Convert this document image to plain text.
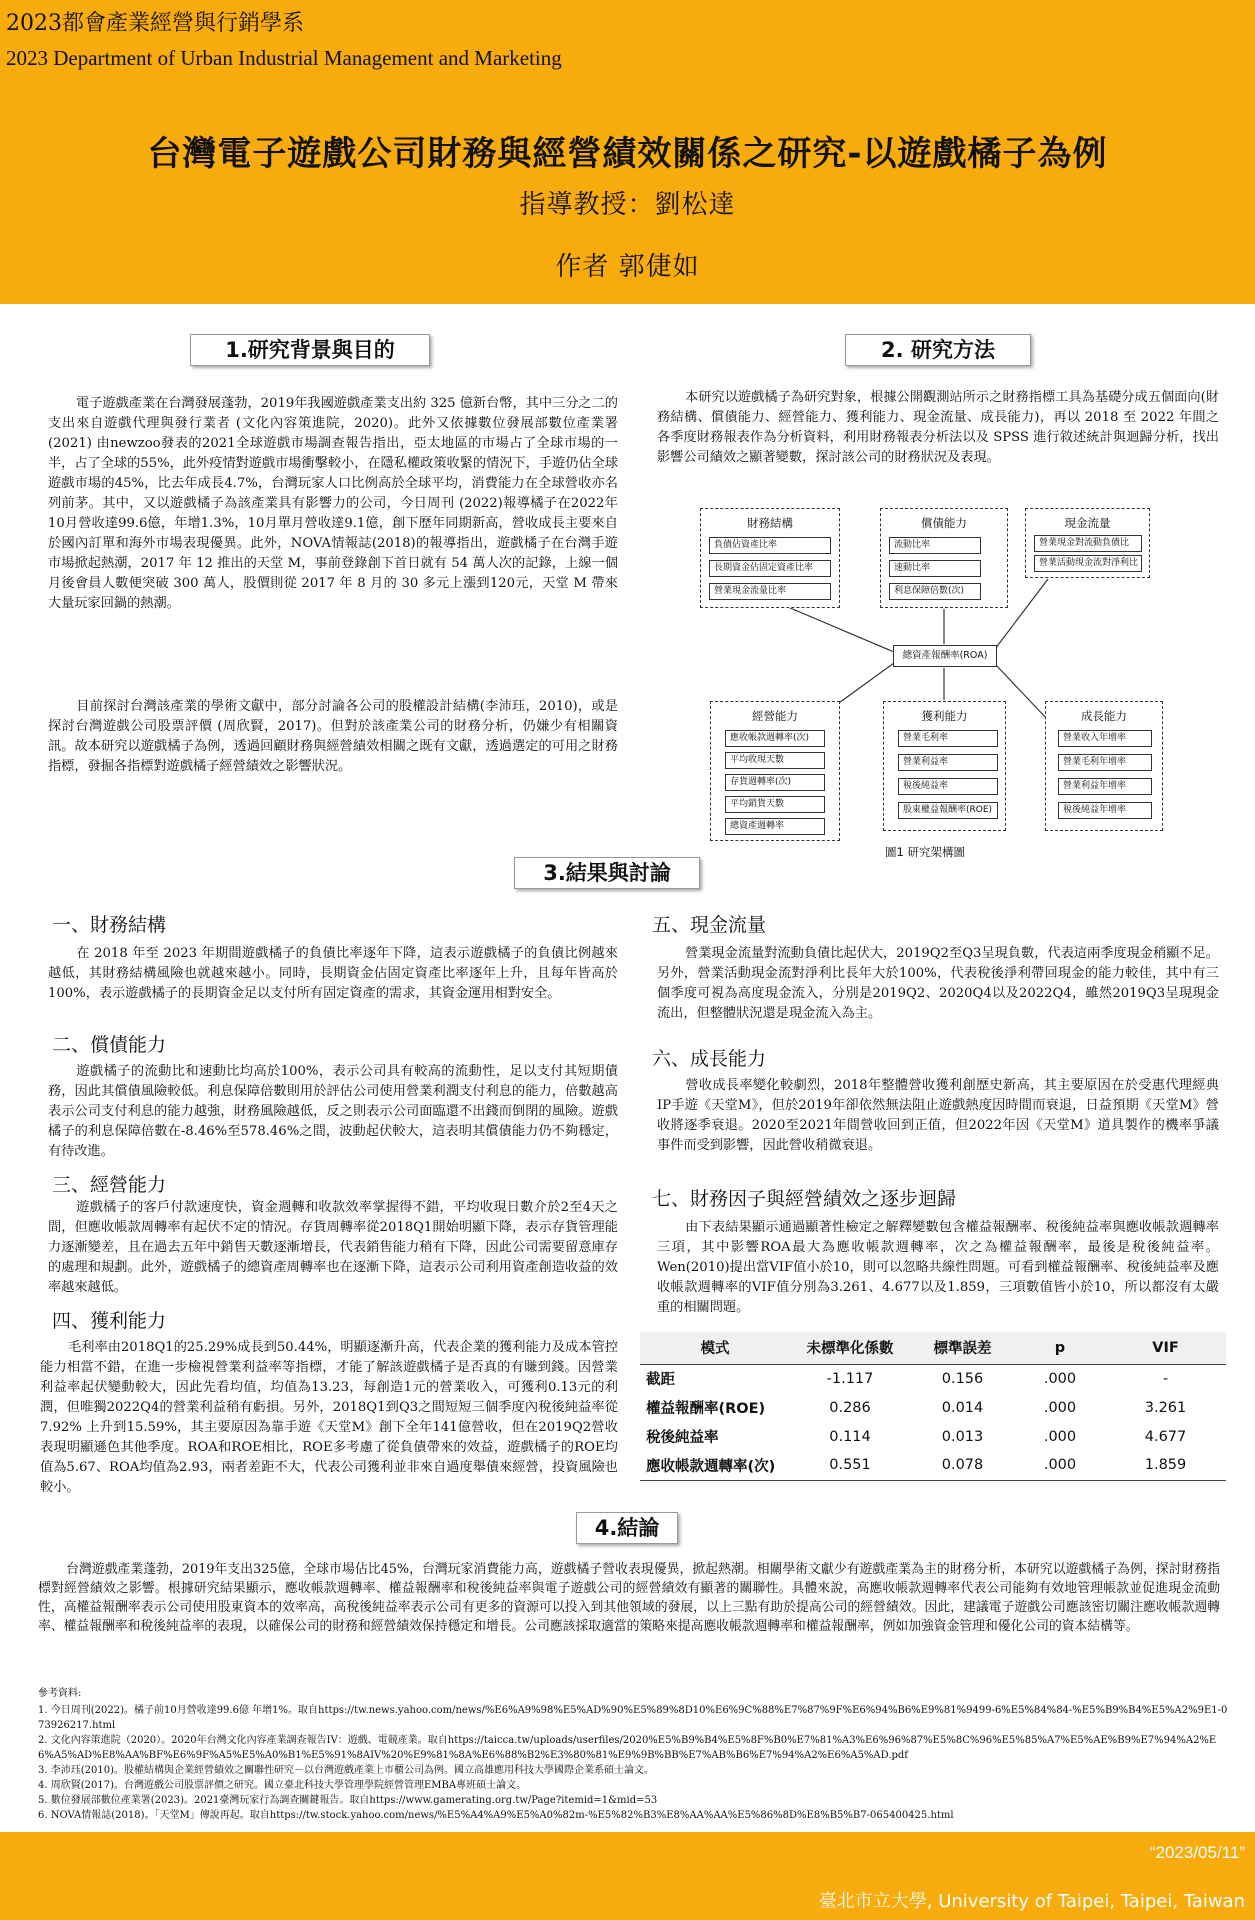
2023都會產業經營與行銷學系
2023 Department of Urban Industrial Management and Marketing
台灣電子遊戲公司財務與經營績效關係之研究-以遊戲橘子為例
指導教授：劉松達
作者 郭倢如
1.研究背景與目的
電子遊戲產業在台灣發展蓬勃，2019年我國遊戲產業支出約 325 億新台幣，其中三分之二的支出來自遊戲代理與發行業者 (文化內容策進院，2020)。此外又依據數位發展部數位產業署 (2021) 由newzoo發表的2021全球遊戲市場調查報告指出，亞太地區的市場占了全球市場的一半，占了全球的55%，此外疫情對遊戲市場衝擊較小，在隱私權政策收緊的情況下，手遊仍佔全球遊戲市場的45%，比去年成長4.7%，台灣玩家人口比例高於全球平均，消費能力在全球營收亦名列前茅。其中，又以遊戲橘子為該產業具有影響力的公司，今日周刊 (2022)報導橘子在2022年10月營收達99.6億，年增1.3%，10月單月營收達9.1億，創下歷年同期新高，營收成長主要來自於國內訂單和海外市場表現優異。此外，NOVA情報誌(2018)的報導指出，遊戲橘子在台灣手遊市場掀起熱潮，2017 年 12 推出的天堂 M，事前登錄創下首日就有 54 萬人次的記錄，上線一個月後會員人數便突破 300 萬人，股價則從 2017 年 8 月的 30 多元上漲到120元，天堂 M 帶來大量玩家回鍋的熱潮。
目前探討台灣該產業的學術文獻中，部分討論各公司的股權設計結構(李沛珏，2010)，或是探討台灣遊戲公司股票評價 (周欣賢，2017)。但對於該產業公司的財務分析，仍嫌少有相關資訊。故本研究以遊戲橘子為例，透過回顧財務與經營績效相關之既有文獻，透過選定的可用之財務指標，發掘各指標對遊戲橘子經營績效之影響狀況。
2. 研究方法
本研究以遊戲橘子為研究對象，根據公開觀測站所示之財務指標工具為基礎分成五個面向(財務結構、償債能力、經營能力、獲利能力、現金流量、成長能力)，再以 2018 至 2022 年間之各季度財務報表作為分析資料，利用財務報表分析法以及 SPSS 進行敘述統計與迴歸分析，找出影響公司績效之顯著變數，探討該公司的財務狀況及表現。
財務結構
負債佔資產比率
長期資金佔固定資產比率
營業現金流量比率
償債能力
流動比率
速動比率
利息保障倍數(次)
現金流量
營業現金對流動負債比
營業活動現金流對淨利比
總資產報酬率(ROA)
經營能力
應收帳款週轉率(次)
平均收現天數
存貨週轉率(次)
平均銷貨天數
總資產週轉率
獲利能力
營業毛利率
營業利益率
稅後純益率
股東權益報酬率(ROE)
成長能力
營業收入年增率
營業毛利年增率
營業利益年增率
稅後純益年增率
圖1 研究架構圖
3.結果與討論
一、財務結構
在 2018 年至 2023 年期間遊戲橘子的負債比率逐年下降，這表示遊戲橘子的負債比例越來越低，其財務結構風險也就越來越小。同時，長期資金佔固定資產比率逐年上升，且每年皆高於100%，表示遊戲橘子的長期資金足以支付所有固定資產的需求，其資金運用相對安全。
二、償債能力
遊戲橘子的流動比和速動比均高於100%，表示公司具有較高的流動性，足以支付其短期債務，因此其償債風險較低。利息保障倍數則用於評估公司使用營業利潤支付利息的能力，倍數越高表示公司支付利息的能力越強，財務風險越低，反之則表示公司面臨還不出錢而倒閉的風險。遊戲橘子的利息保障倍數在-8.46%至578.46%之間，波動起伏較大，這表明其償債能力仍不夠穩定，有待改進。
三、經營能力
遊戲橘子的客戶付款速度快，資金週轉和收款效率掌握得不錯，平均收現日數介於2至4天之間，但應收帳款周轉率有起伏不定的情況。存貨周轉率從2018Q1開始明顯下降，表示存貨管理能力逐漸變差，且在過去五年中銷售天數逐漸增長，代表銷售能力稍有下降，因此公司需要留意庫存的處理和規劃。此外，遊戲橘子的總資產周轉率也在逐漸下降，這表示公司利用資產創造收益的效率越來越低。
四、獲利能力
毛利率由2018Q1的25.29%成長到50.44%，明顯逐漸升高，代表企業的獲利能力及成本管控能力相當不錯，在進一步檢視營業利益率等指標，才能了解該遊戲橘子是否真的有賺到錢。因營業利益率起伏變動較大，因此先看均值，均值為13.23，每創造1元的營業收入，可獲利0.13元的利潤，但唯獨2022Q4的營業利益稍有虧損。另外，2018Q1到Q3之間短短三個季度內稅後純益率從7.92% 上升到15.59%，其主要原因為靠手遊《天堂M》創下全年141億營收，但在2019Q2營收表現明顯遜色其他季度。ROA和ROE相比，ROE多考慮了從負債帶來的效益，遊戲橘子的ROE均值為5.67、ROA均值為2.93，兩者差距不大，代表公司獲利並非來自過度舉債來經營，投資風險也較小。
五、現金流量
營業現金流量對流動負債比起伏大，2019Q2至Q3呈現負數，代表這兩季度現金稍顯不足。另外，營業活動現金流對淨利比長年大於100%，代表稅後淨利帶回現金的能力較佳，其中有三個季度可視為高度現金流入，分別是2019Q2、2020Q4以及2022Q4，雖然2019Q3呈現現金流出，但整體狀況還是現金流入為主。
六、成長能力
營收成長率變化較劇烈，2018年整體營收獲利創歷史新高，其主要原因在於受惠代理經典IP手遊《天堂M》，但於2019年卻依然無法阻止遊戲熱度因時間而衰退，日益預期《天堂M》營收將逐季衰退。2020至2021年間營收回到正值，但2022年因《天堂M》道具製作的機率爭議事件而受到影響，因此營收稍微衰退。
七、財務因子與經營績效之逐步迴歸
由下表結果顯示通過顯著性檢定之解釋變數包含權益報酬率、稅後純益率與應收帳款週轉率三項，其中影響ROA最大為應收帳款週轉率，次之為權益報酬率，最後是稅後純益率。Wen(2010)提出當VIF值小於10，則可以忽略共線性問題。可看到權益報酬率、稅後純益率及應收帳款週轉率的VIF值分別為3.261、4.677以及1.859，三項數值皆小於10，所以都沒有太嚴重的相關問題。
模式	未標準化係數	標準誤差	p	VIF
截距	-1.117	0.156	.000	-
權益報酬率(ROE)	0.286	0.014	.000	3.261
稅後純益率	0.114	0.013	.000	4.677
應收帳款週轉率(次)	0.551	0.078	.000	1.859
4.結論
台灣遊戲產業蓬勃，2019年支出325億，全球市場佔比45%，台灣玩家消費能力高，遊戲橘子營收表現優異，掀起熱潮。相關學術文獻少有遊戲產業為主的財務分析，本研究以遊戲橘子為例，探討財務指標對經營績效之影響。根據研究結果顯示，應收帳款週轉率、權益報酬率和稅後純益率與電子遊戲公司的經營績效有顯著的關聯性。具體來說，高應收帳款週轉率代表公司能夠有效地管理帳款並促進現金流動性，高權益報酬率表示公司使用股東資本的效率高，高稅後純益率表示公司有更多的資源可以投入到其他領域的發展，以上三點有助於提高公司的經營績效。因此，建議電子遊戲公司應該密切關注應收帳款週轉率、權益報酬率和稅後純益率的表現，以確保公司的財務和經營績效保持穩定和增長。公司應該採取適當的策略來提高應收帳款週轉率和權益報酬率，例如加強資金管理和優化公司的資本結構等。
參考資料:
1. 今日周刊(2022)。橘子前10月營收達99.6億 年增1%。取自https://tw.news.yahoo.com/news/%E6%A9%98%E5%AD%90%E5%89%8D10%E6%9C%88%E7%87%9F%E6%94%B6%E9%81%9499-6%E5%84%84-%E5%B9%B4%E5%A2%9E1-073926217.html
2. 文化內容策進院（2020）。2020年台灣文化內容產業調查報告IV：遊戲、電競產業。取自https://taicca.tw/uploads/userfiles/2020%E5%B9%B4%E5%8F%B0%E7%81%A3%E6%96%87%E5%8C%96%E5%85%A7%E5%AE%B9%E7%94%A2%E6%A5%AD%E8%AA%BF%E6%9F%A5%E5%A0%B1%E5%91%8AIV%20%E9%81%8A%E6%88%B2%E3%80%81%E9%9B%BB%E7%AB%B6%E7%94%A2%E6%A5%AD.pdf
3. 李沛珏(2010)。股權結構與企業經營績效之關聯性研究－以台灣遊戲產業上市櫃公司為例。國立高雄應用科技大學國際企業系碩士論文。
4. 周欣賢(2017)。台灣遊戲公司股票評價之研究。國立臺北科技大學管理學院經營管理EMBA專班碩士論文。
5. 數位發展部數位產業署(2023)。2021臺灣玩家行為調查關鍵報告。取自https://www.gamerating.org.tw/Page?itemid=1&mid=53
6. NOVA情報誌(2018)。「天堂M」傳說再起。取自https://tw.stock.yahoo.com/news/%E5%A4%A9%E5%A0%82m-%E5%82%B3%E8%AA%AA%E5%86%8D%E8%B5%B7-065400425.html
“2023/05/11”
臺北市立大學, University of Taipei, Taipei, Taiwan
